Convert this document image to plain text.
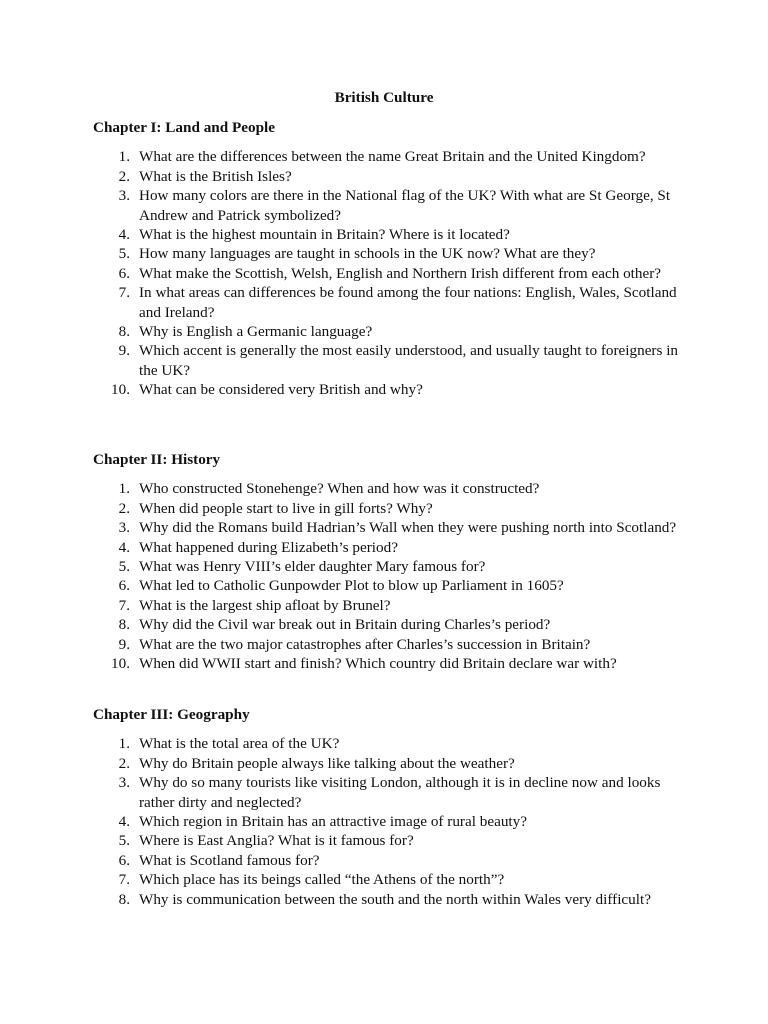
British Culture
Chapter I: Land and People
1. What are the differences between the name Great Britain and the United Kingdom?
2. What is the British Isles?
3. How many colors are there in the National flag of the UK? With what are St George, St Andrew and Patrick symbolized?
4. What is the highest mountain in Britain? Where is it located?
5. How many languages are taught in schools in the UK now? What are they?
6. What make the Scottish, Welsh, English and Northern Irish different from each other?
7. In what areas can differences be found among the four nations: English, Wales, Scotland and Ireland?
8. Why is English a Germanic language?
9. Which accent is generally the most easily understood, and usually taught to foreigners in the UK?
10. What can be considered very British and why?
Chapter II: History
1. Who constructed Stonehenge? When and how was it constructed?
2. When did people start to live in gill forts? Why?
3. Why did the Romans build Hadrian’s Wall when they were pushing north into Scotland?
4. What happened during Elizabeth’s period?
5. What was Henry VIII’s elder daughter Mary famous for?
6. What led to Catholic Gunpowder Plot to blow up Parliament in 1605?
7. What is the largest ship afloat by Brunel?
8. Why did the Civil war break out in Britain during Charles’s period?
9. What are the two major catastrophes after Charles’s succession in Britain?
10. When did WWII start and finish? Which country did Britain declare war with?
Chapter III: Geography
1. What is the total area of the UK?
2. Why do Britain people always like talking about the weather?
3. Why do so many tourists like visiting London, although it is in decline now and looks rather dirty and neglected?
4. Which region in Britain has an attractive image of rural beauty?
5. Where is East Anglia? What is it famous for?
6. What is Scotland famous for?
7. Which place has its beings called “the Athens of the north”?
8. Why is communication between the south and the north within Wales very difficult?
